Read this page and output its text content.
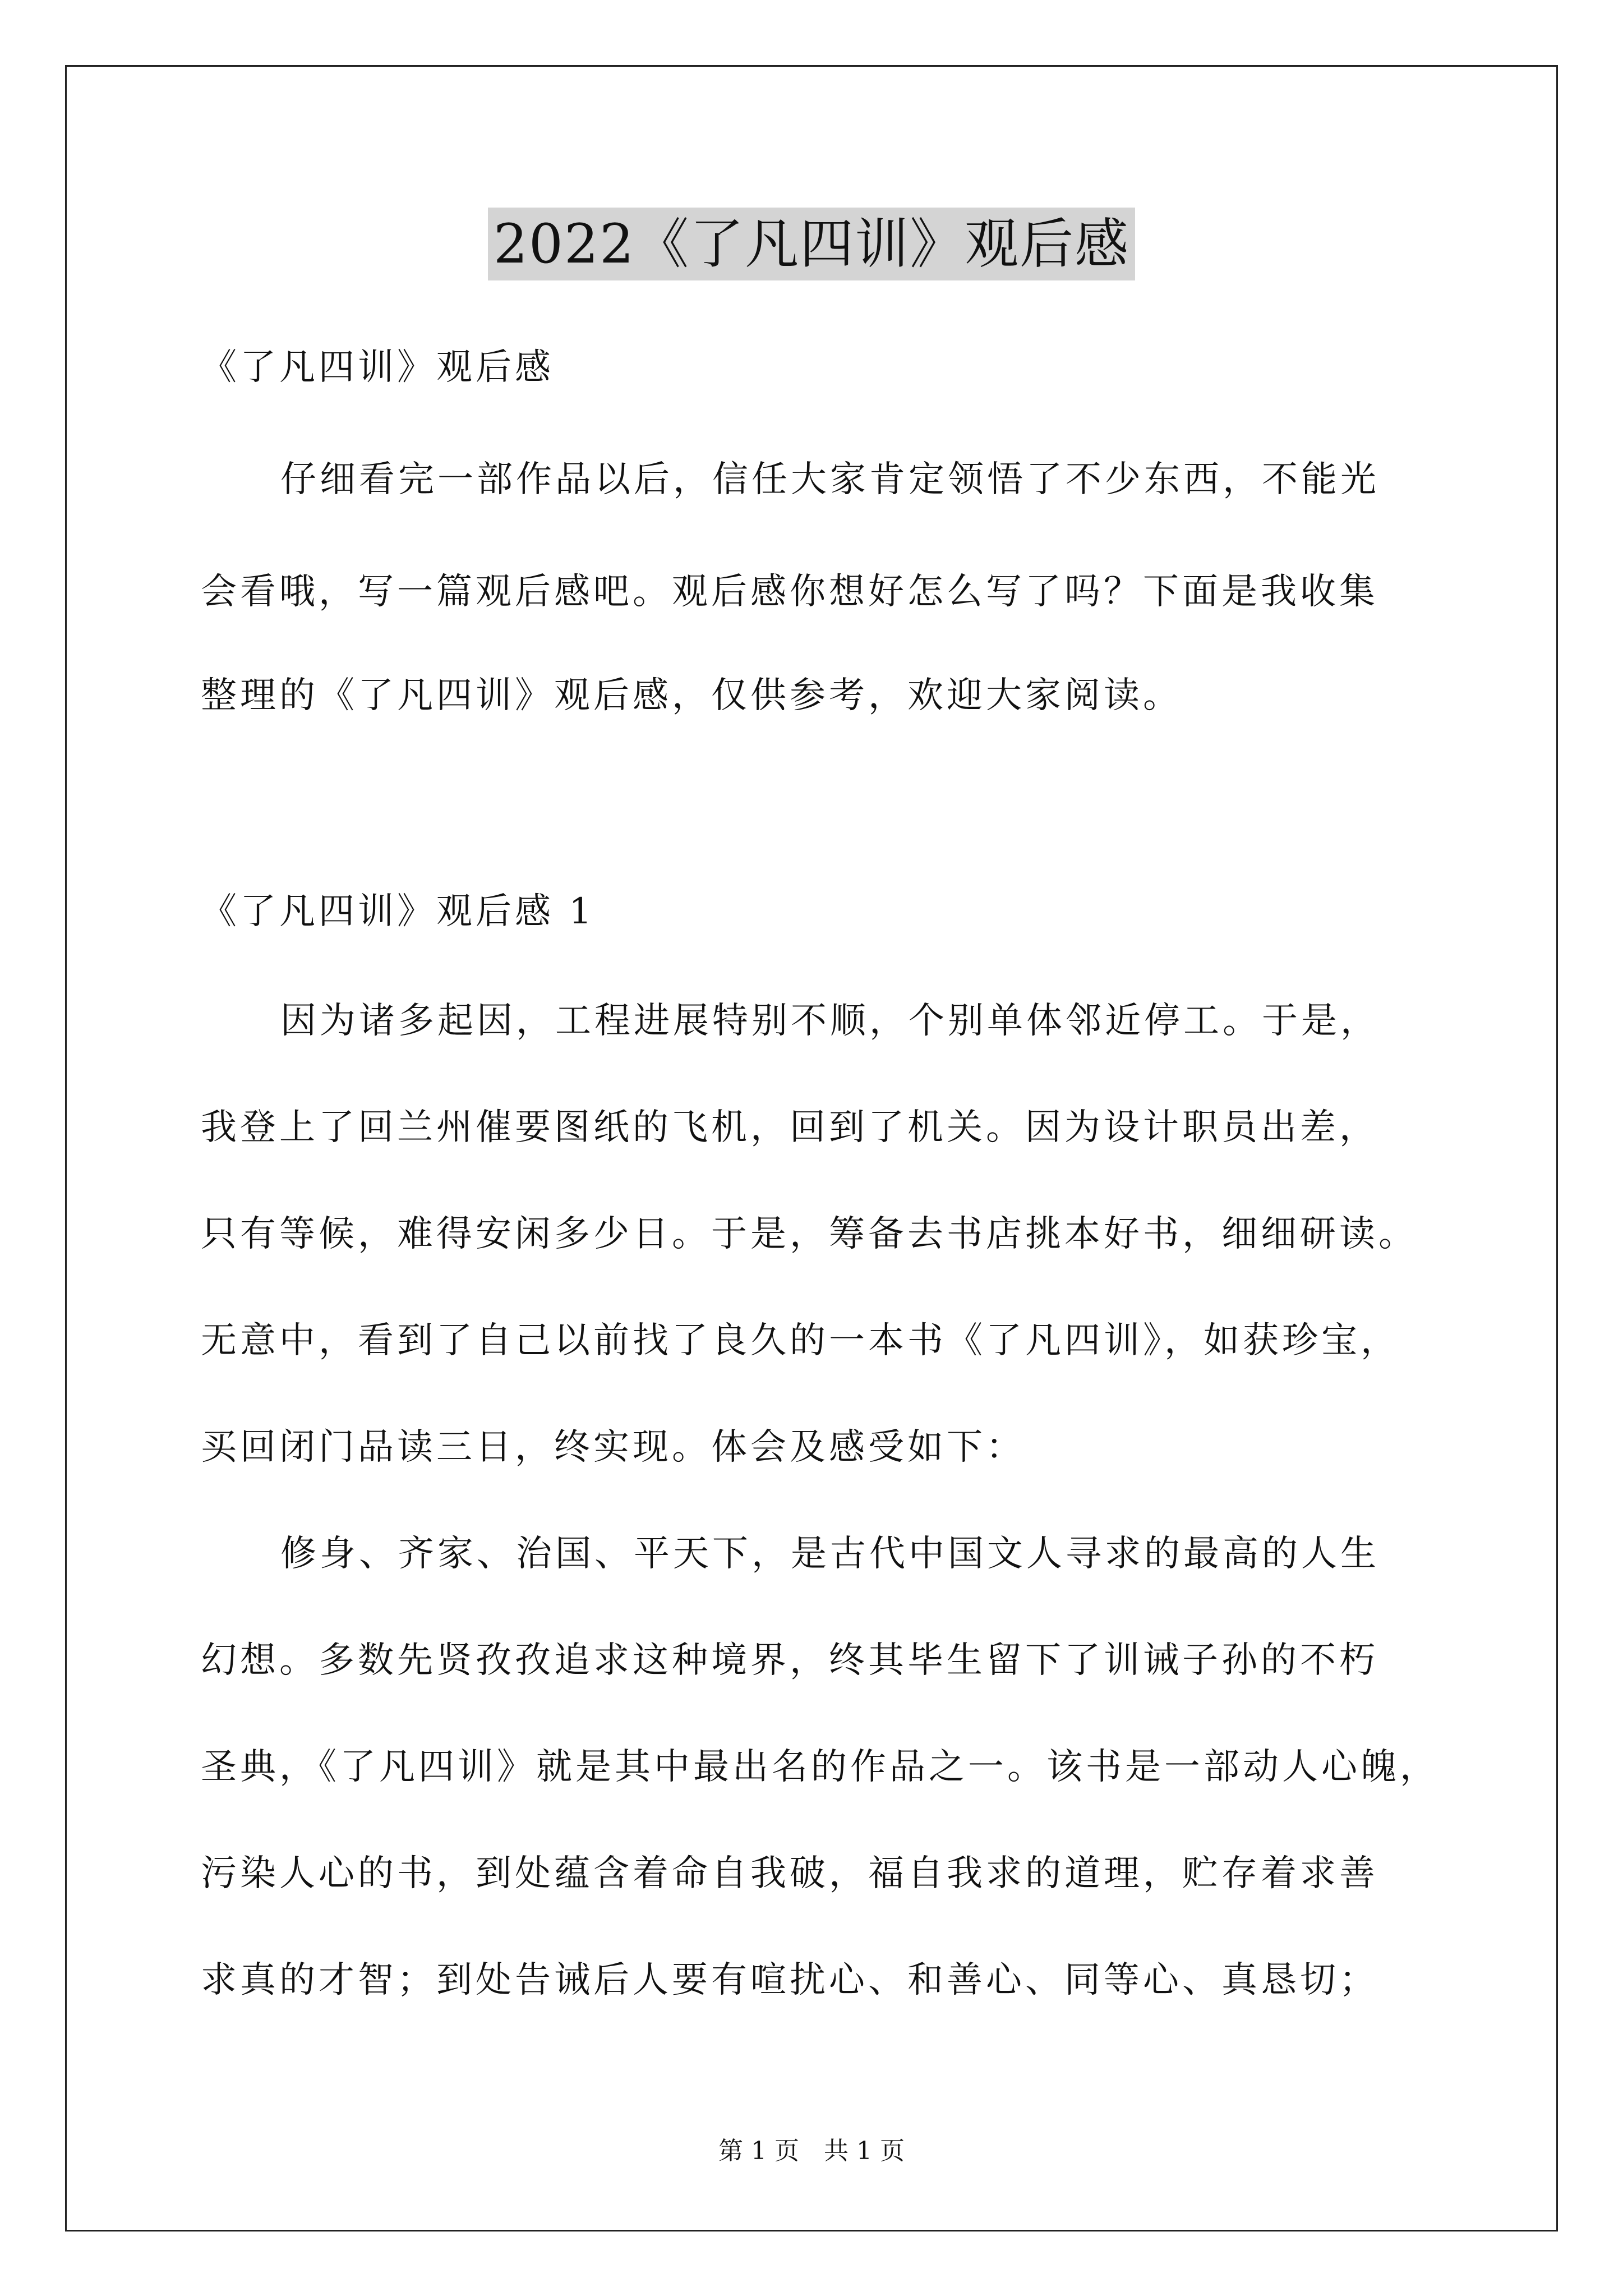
2022《了凡四训》观后感
《了凡四训》观后感
仔细看完一部作品以后，信任大家肯定领悟了不少东西，不能光
会看哦，写一篇观后感吧。观后感你想好怎么写了吗？下面是我收集
整理的《了凡四训》观后感，仅供参考，欢迎大家阅读。
《了凡四训》观后感 1
因为诸多起因，工程进展特别不顺，个别单体邻近停工。于是，
我登上了回兰州催要图纸的飞机，回到了机关。因为设计职员出差，
只有等候，难得安闲多少日。于是，筹备去书店挑本好书，细细研读。
无意中，看到了自己以前找了良久的一本书《了凡四训》，如获珍宝，
买回闭门品读三日，终实现。体会及感受如下：
修身、齐家、治国、平天下，是古代中国文人寻求的最高的人生
幻想。多数先贤孜孜追求这种境界，终其毕生留下了训诫子孙的不朽
圣典，《了凡四训》就是其中最出名的作品之一。该书是一部动人心魄，
污染人心的书，到处蕴含着命自我破，福自我求的道理，贮存着求善
求真的才智；到处告诫后人要有喧扰心、和善心、同等心、真恳切；
第 1 页　共 1 页
